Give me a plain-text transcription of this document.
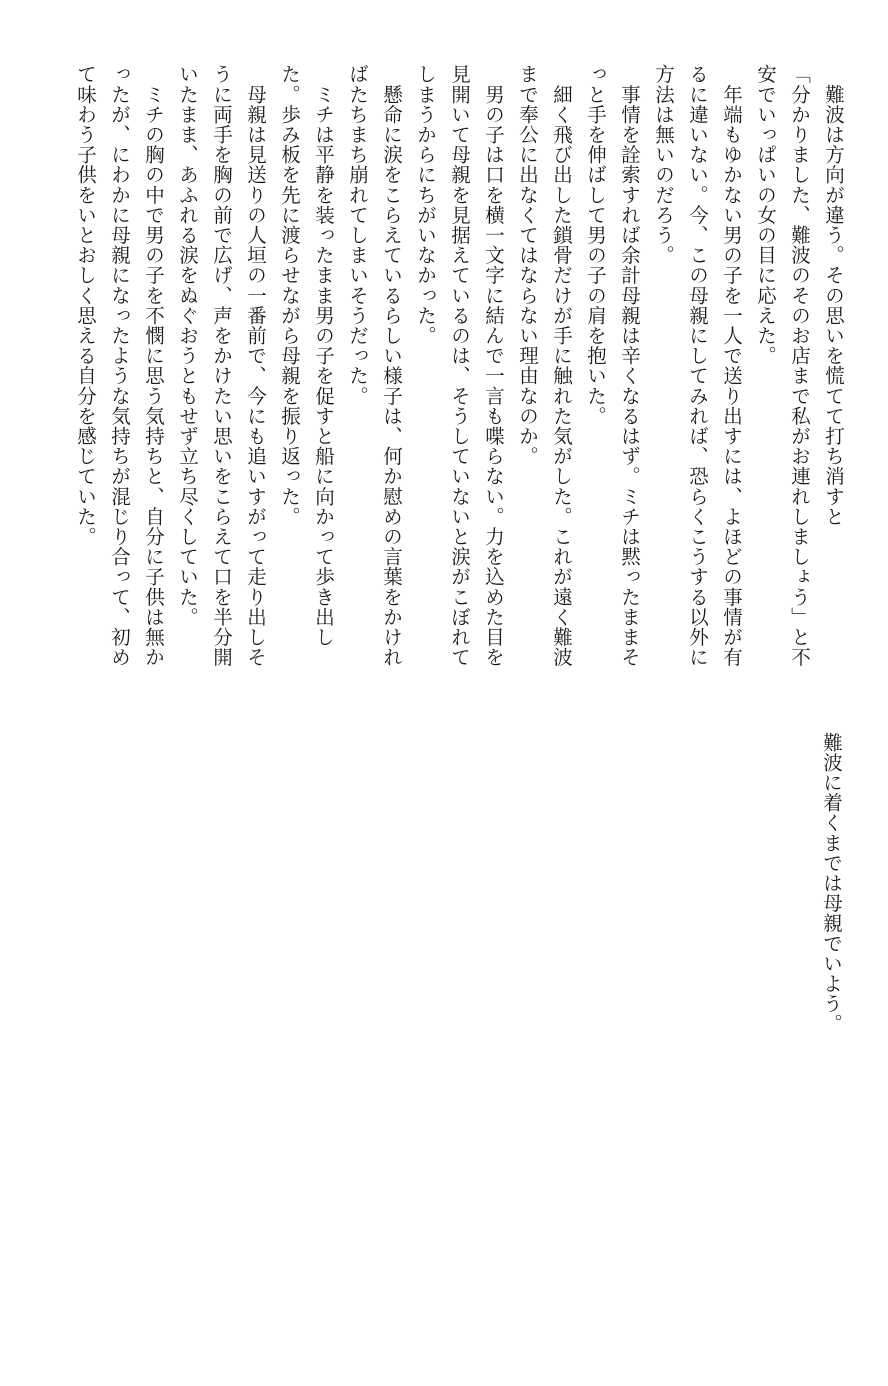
　難波は方向が違う。その思いを慌てて打ち消すと

「分かりました、難波のそのお店まで私がお連れしましょう」と不安でいっぱいの女の目に応えた。

　年端もゆかない男の子を一人で送り出すには、よほどの事情が有るに違いない。今、この母親にしてみれば、恐らくこうする以外に方法は無いのだろう。

　事情を詮索すれば余計母親は辛くなるはず。ミチは黙ったままそっと手を伸ばして男の子の肩を抱いた。

　細く飛び出した鎖骨だけが手に触れた気がした。これが遠く難波まで奉公に出なくてはならない理由なのか。

　男の子は口を横一文字に結んで一言も喋らない。力を込めた目を見開いて母親を見据えているのは、そうしていないと涙がこぼれてしまうからにちがいなかった。

　懸命に涙をこらえているらしい様子は、何か慰めの言葉をかければたちまち崩れてしまいそうだった。

　ミチは平静を装ったまま男の子を促すと船に向かって歩き出した。歩み板を先に渡らせながら母親を振り返った。

　母親は見送りの人垣の一番前で、今にも追いすがって走り出しそうに両手を胸の前で広げ、声をかけたい思いをこらえて口を半分開いたまま、あふれる涙をぬぐおうともせず立ち尽くしていた。

　ミチの胸の中で男の子を不憫に思う気持ちと、自分に子供は無かったが、にわかに母親になったような気持ちが混じり合って、初めて味わう子供をいとおしく思える自分を感じていた。

　難波に着くまでは母親でいよう。
